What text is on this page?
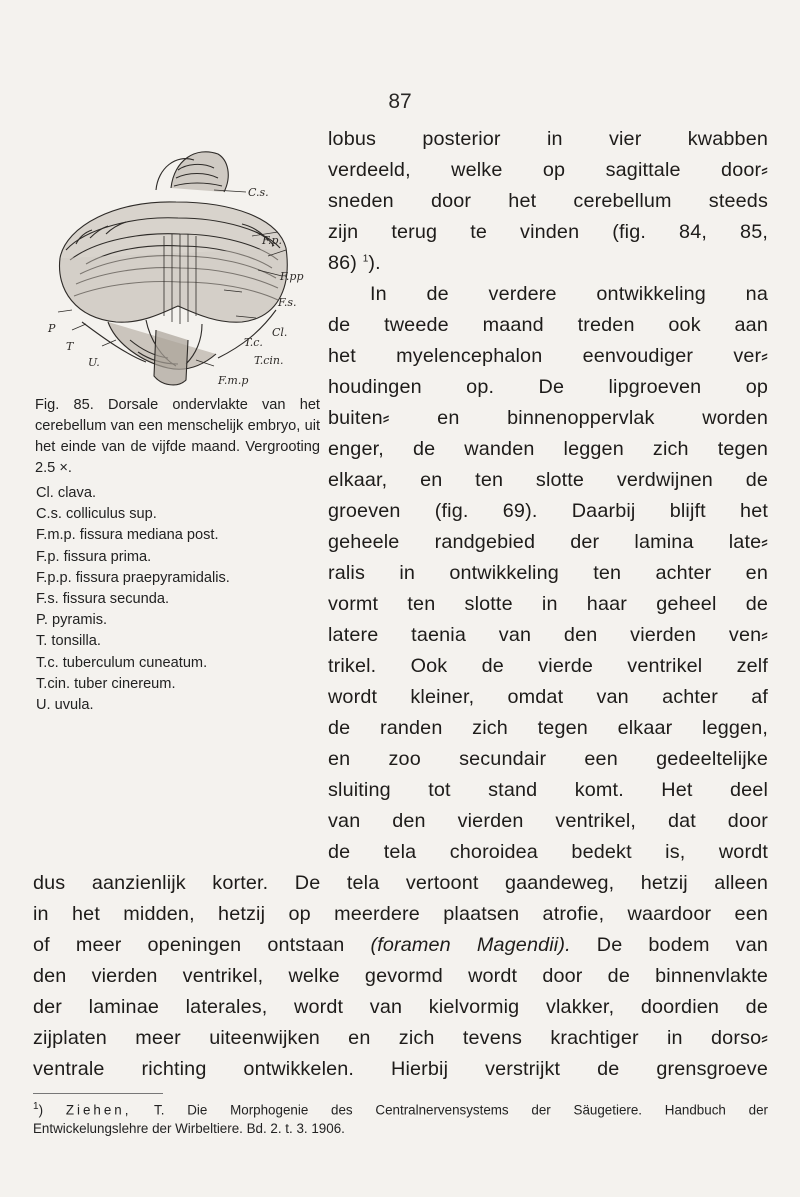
87
C.s.
F.p.
F.pp
F.s.
Cl.
P
T	T.c.
T.cin.
U.
F.m.p

Fig. 85. Dorsale ondervlakte van het cerebellum van een menschelijk embryo, uit het einde van de vijfde maand. Vergrooting 2.5 ×.

Cl. clava.
C.s. colliculus sup.
F.m.p. fissura mediana post.
F.p. fissura prima.
F.p.p. fissura praepyramidalis.
F.s. fissura secunda.
P. pyramis.
T. tonsilla.
T.c. tuberculum cuneatum.
T.cin. tuber cinereum.
U. uvula.

lobus posterior in vier kwabben

verdeeld, welke op sagittale door⸗

sneden door het cerebellum steeds

zijn terug te vinden (fig. 84, 85,

86) $^1$).

In de verdere ontwikkeling na

de tweede maand treden ook aan

het myelencephalon eenvoudiger ver⸗

houdingen op. De lipgroeven op

buiten⸗ en binnenoppervlak worden

enger, de wanden leggen zich tegen

elkaar, en ten slotte verdwijnen de

groeven (fig. 69). Daarbij blijft het

geheele randgebied der lamina late⸗

ralis in ontwikkeling ten achter en

vormt ten slotte in haar geheel de

latere taenia van den vierden ven⸗

trikel. Ook de vierde ventrikel zelf

wordt kleiner, omdat van achter af

de randen zich tegen elkaar leggen,

en zoo secundair een gedeeltelijke

sluiting tot stand komt. Het deel

van den vierden ventrikel, dat door

de tela choroidea bedekt is, wordt

dus aanzienlijk korter. De tela vertoont gaandeweg, hetzij alleen

in het midden, hetzij op meerdere plaatsen atrofie, waardoor een

of meer openingen ontstaan (foramen Magendii). De bodem van

den vierden ventrikel, welke gevormd wordt door de binnenvlakte

der laminae laterales, wordt van kielvormig vlakker, doordien de

zijplaten meer uiteenwijken en zich tevens krachtiger in dorso⸗

ventrale richting ontwikkelen. Hierbij verstrijkt de grensgroeve

$^1$) Ziehen, T. Die Morphogenie des Centralnervensystems der Säugetiere. Handbuch der

Entwickelungslehre der Wirbeltiere. Bd. 2. t. 3. 1906.
